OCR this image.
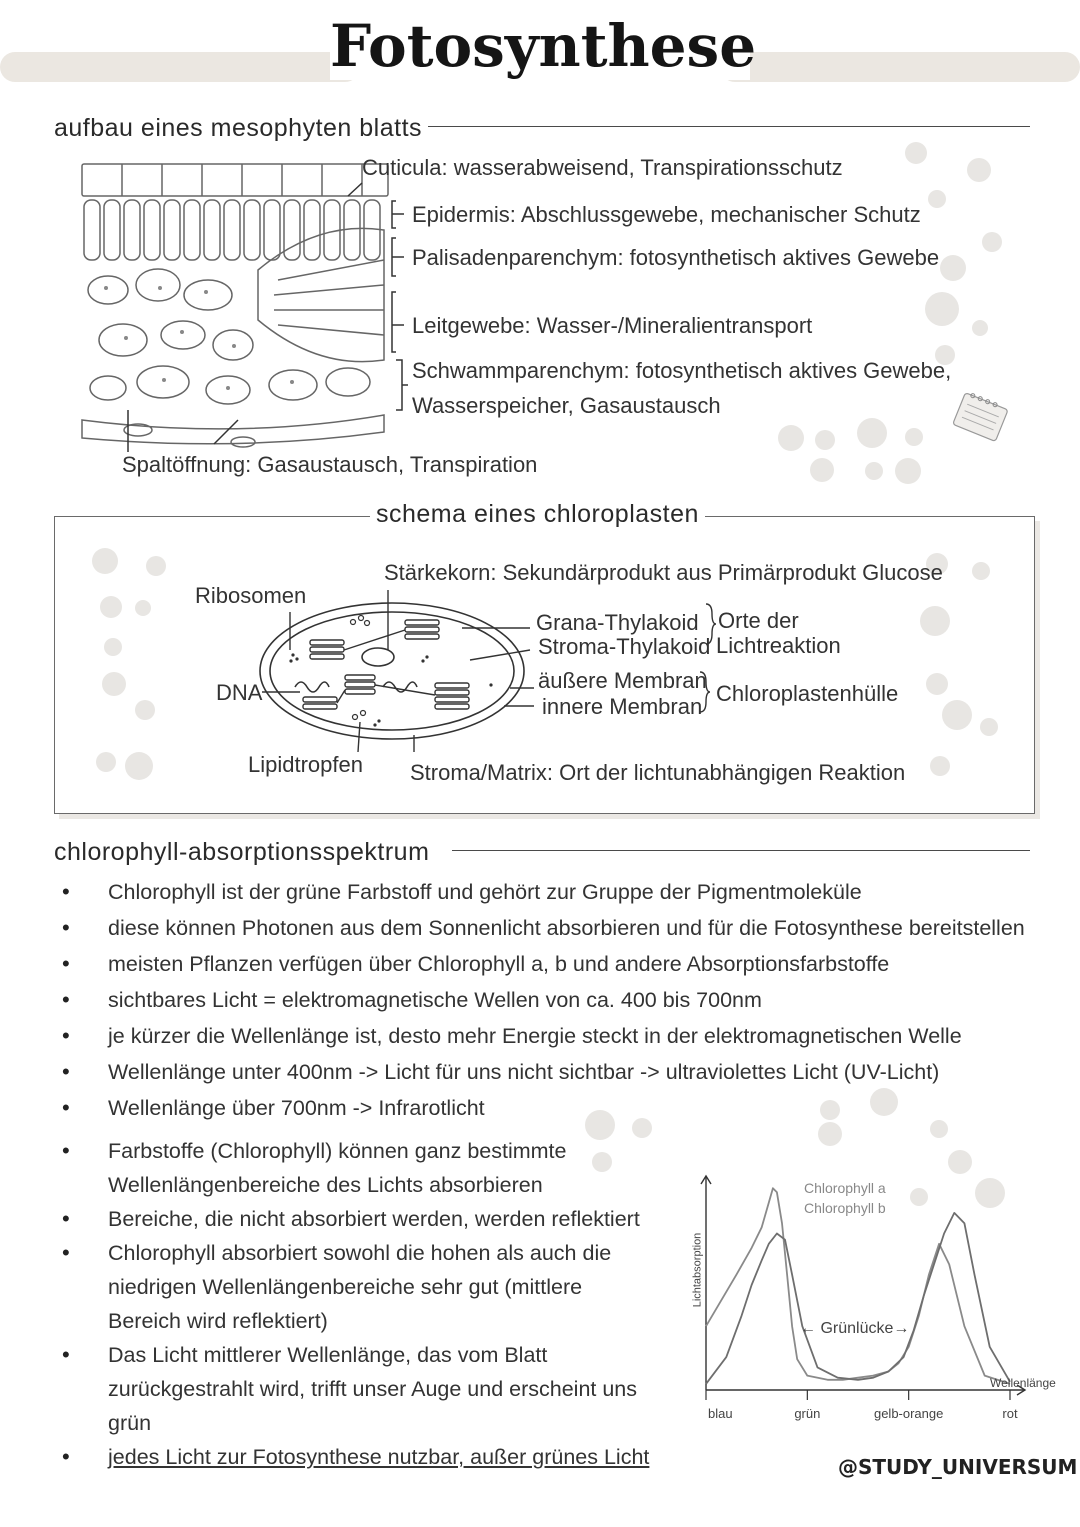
Fotosynthese
aufbau eines mesophyten blatts
Cuticula: wasserabweisend, Transpirationsschutz
Epidermis: Abschlussgewebe, mechanischer Schutz
Palisadenparenchym: fotosynthetisch aktives Gewebe
Leitgewebe: Wasser-/Mineralientransport
Schwammparenchym: fotosynthetisch aktives Gewebe,
Wasserspeicher, Gasaustausch
Spaltöffnung: Gasaustausch, Transpiration
schema eines chloroplasten
Stärkekorn: Sekundärprodukt aus Primärprodukt Glucose
Ribosomen
Grana-Thylakoid
Stroma-Thylakoid
Orte der
Lichtreaktion
DNA	äußere Membran
innere Membran
Chloroplastenhülle
Lipidtropfen Stroma/Matrix: Ort der lichtunabhängigen Reaktion
chlorophyll-absorptionsspektrum
• Chlorophyll ist der grüne Farbstoff und gehört zur Gruppe der Pigmentmoleküle
• diese können Photonen aus dem Sonnenlicht absorbieren und für die Fotosynthese bereitstellen
• meisten Pflanzen verfügen über Chlorophyll a, b und andere Absorptionsfarbstoffe
• sichtbares Licht = elektromagnetische Wellen von ca. 400 bis 700nm
• je kürzer die Wellenlänge ist, desto mehr Energie steckt in der elektromagnetischen Welle
• Wellenlänge unter 400nm -> Licht für uns nicht sichtbar -> ultraviolettes Licht (UV-Licht)
• Wellenlänge über 700nm -> Infrarotlicht
• Farbstoffe (Chlorophyll) können ganz bestimmte Wellenlängenbereiche des Lichts absorbieren
• Bereiche, die nicht absorbiert werden, werden reflektiert
• Chlorophyll absorbiert sowohl die hohen als auch die niedrigen Wellenlängenbereiche sehr gut (mittlere Bereich wird reflektiert)
• Das Licht mittlerer Wellenlänge, das vom Blatt zurückgestrahlt wird, trifft unser Auge und erscheint uns grün
• jedes Licht zur Fotosynthese nutzbar, außer grünes Licht
blau	grün	gelb-orange	rot
Chlorophyll a
Chlorophyll b
← Grünlücke→
Wellenlänge
Lichtabsorption
@STUDY_UNIVERSUM
